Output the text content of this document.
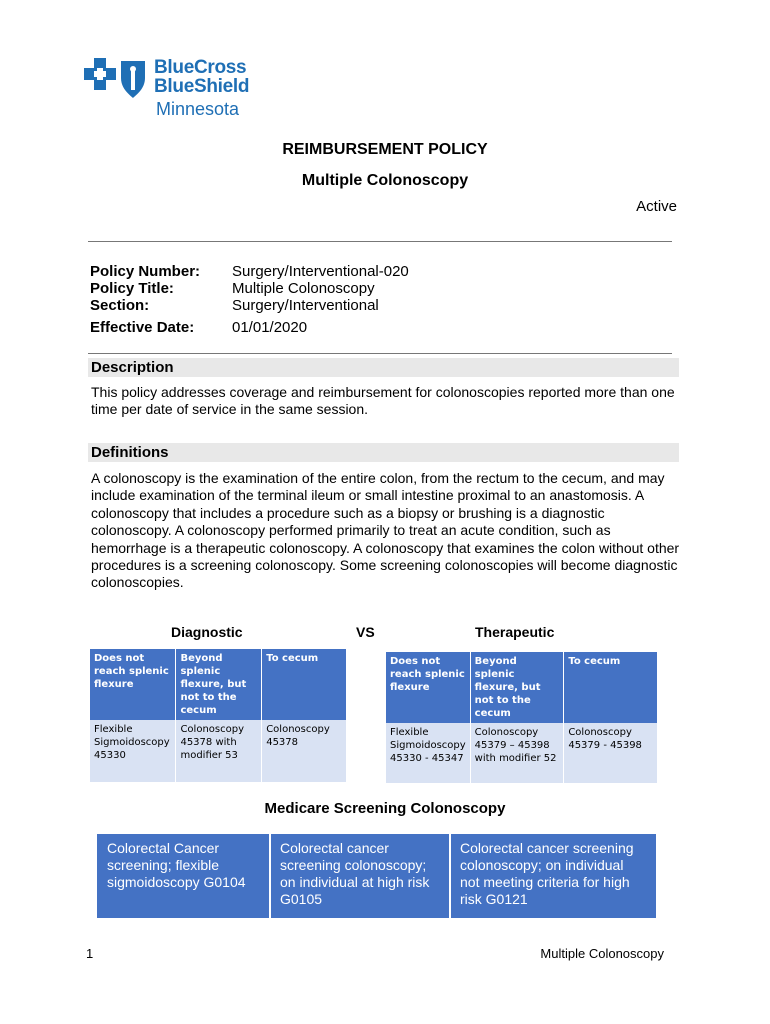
BlueCross
BlueShield
Minnesota
REIMBURSEMENT POLICY
Multiple Colonoscopy
Active
Policy Number: Surgery/Interventional-020
Policy Title:	Multiple Colonoscopy
Section:	Surgery/Interventional
Effective Date:	01/01/2020
Description
This policy addresses coverage and reimbursement for colonoscopies reported more than one time per date of service in the same session.
Definitions
A colonoscopy is the examination of the entire colon, from the rectum to the cecum, and may include examination of the terminal ileum or small intestine proximal to an anastomosis. A colonoscopy that includes a procedure such as a biopsy or brushing is a diagnostic colonoscopy. A colonoscopy performed primarily to treat an acute condition, such as hemorrhage is a therapeutic colonoscopy. A colonoscopy that examines the colon without other procedures is a screening colonoscopy. Some screening colonoscopies will become diagnostic colonoscopies.
Diagnostic	VS	Therapeutic
Does not reach splenic flexure	Beyond splenic flexure, but not to the cecum	To cecum
Flexible Sigmoidoscopy 45330	Colonoscopy 45378 with modifier 53	Colonoscopy 45378
Does not reach splenic flexure	Beyond splenic flexure, but not to the cecum	To cecum
Flexible Sigmoidoscopy 45330 - 45347	Colonoscopy 45379 – 45398 with modifier 52	Colonoscopy 45379 - 45398
Medicare Screening Colonoscopy
Colorectal Cancer screening; flexible sigmoidoscopy G0104
Colorectal cancer screening colonoscopy; on individual at high risk G0105
Colorectal cancer screening colonoscopy; on individual not meeting criteria for high risk G0121
1	Multiple Colonoscopy
